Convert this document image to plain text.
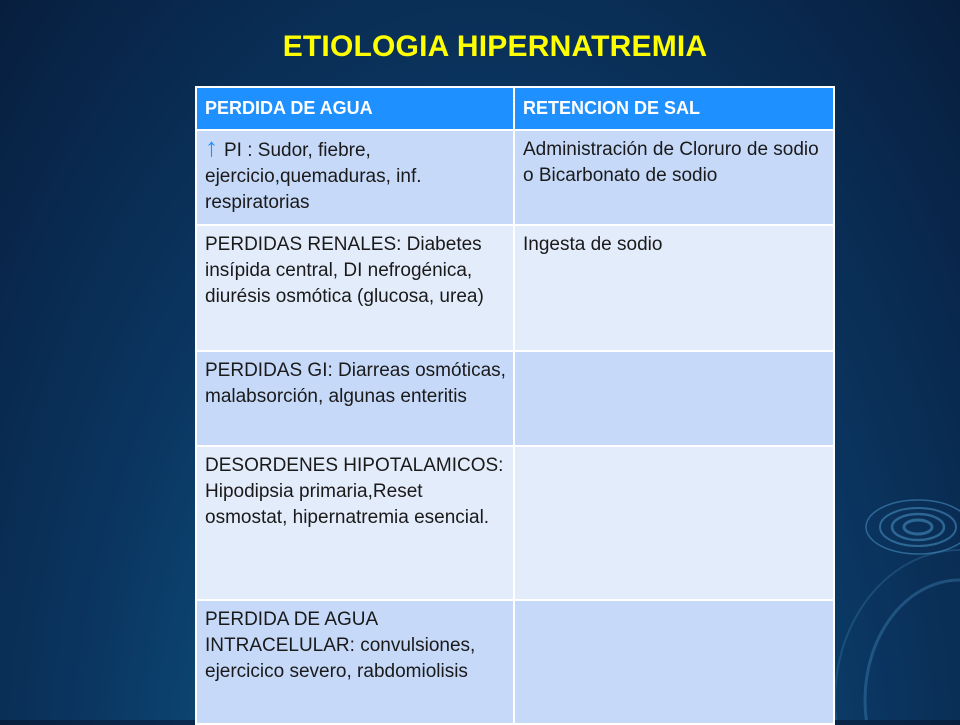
ETIOLOGIA HIPERNATREMIA
PERDIDA DE AGUA	RETENCION DE SAL
↑ PI : Sudor, fiebre, ejercicio,quemaduras, inf. respiratorias	Administración de Cloruro de sodio o Bicarbonato de sodio
PERDIDAS RENALES: Diabetes insípida central, DI nefrogénica, diurésis osmótica (glucosa, urea)	Ingesta de sodio
PERDIDAS GI: Diarreas osmóticas, malabsorción, algunas enteritis	
DESORDENES HIPOTALAMICOS: Hipodipsia primaria,Reset osmostat, hipernatremia esencial.	
PERDIDA DE AGUA INTRACELULAR: convulsiones, ejercicico severo, rabdomiolisis	
